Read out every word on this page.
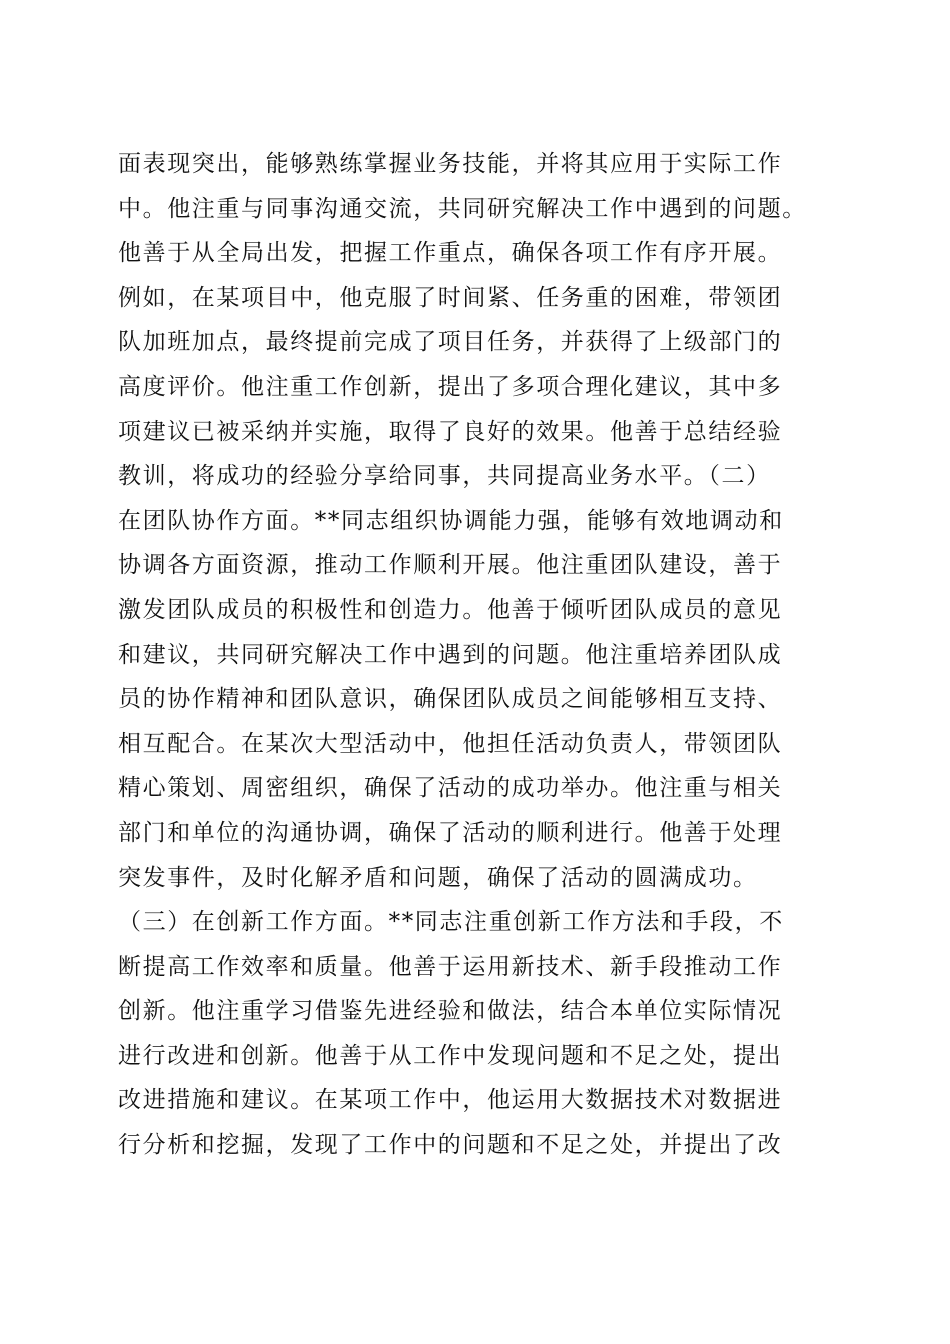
面表现突出，能够熟练掌握业务技能，并将其应用于实际工作
中。他注重与同事沟通交流，共同研究解决工作中遇到的问题。
他善于从全局出发，把握工作重点，确保各项工作有序开展。
例如，在某项目中，他克服了时间紧、任务重的困难，带领团
队加班加点，最终提前完成了项目任务，并获得了上级部门的
高度评价。他注重工作创新，提出了多项合理化建议，其中多
项建议已被采纳并实施，取得了良好的效果。他善于总结经验
教训，将成功的经验分享给同事，共同提高业务水平。（二）
在团队协作方面。**同志组织协调能力强，能够有效地调动和
协调各方面资源，推动工作顺利开展。他注重团队建设，善于
激发团队成员的积极性和创造力。他善于倾听团队成员的意见
和建议，共同研究解决工作中遇到的问题。他注重培养团队成
员的协作精神和团队意识，确保团队成员之间能够相互支持、
相互配合。在某次大型活动中，他担任活动负责人，带领团队
精心策划、周密组织，确保了活动的成功举办。他注重与相关
部门和单位的沟通协调，确保了活动的顺利进行。他善于处理
突发事件，及时化解矛盾和问题，确保了活动的圆满成功。
（三）在创新工作方面。**同志注重创新工作方法和手段，不
断提高工作效率和质量。他善于运用新技术、新手段推动工作
创新。他注重学习借鉴先进经验和做法，结合本单位实际情况
进行改进和创新。他善于从工作中发现问题和不足之处，提出
改进措施和建议。在某项工作中，他运用大数据技术对数据进
行分析和挖掘，发现了工作中的问题和不足之处，并提出了改
